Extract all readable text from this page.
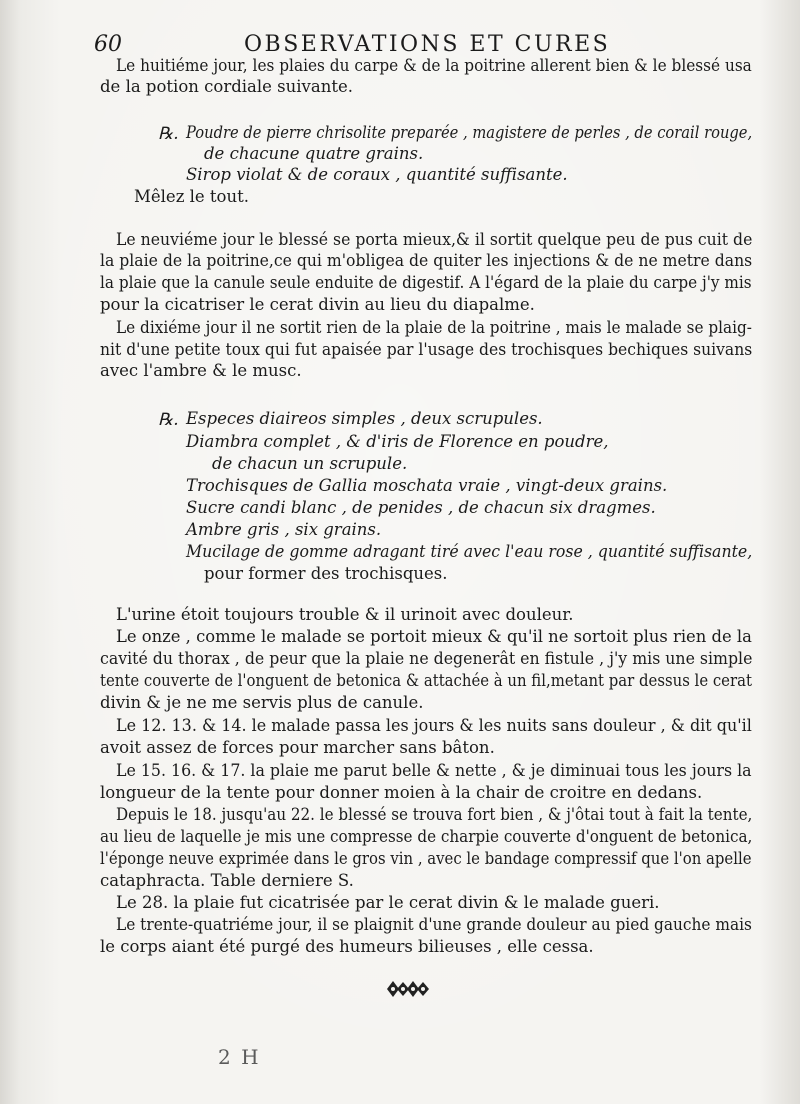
60	OBSERVATIONS ET CURES
Le huitiéme jour, les plaies du carpe & de la poitrine allerent bien & le blessé usa
de la potion cordiale suivante.
℞. Poudre de pierre chrisolite preparée , magistere de perles , de corail rouge,
de chacune quatre grains.
Sirop violat & de coraux , quantité suffisante.
Mêlez le tout.
Le neuviéme jour le blessé se porta mieux,& il sortit quelque peu de pus cuit de
la plaie de la poitrine,ce qui m'obligea de quiter les injections & de ne metre dans
la plaie que la canule seule enduite de digestif. A l'égard de la plaie du carpe j'y mis
pour la cicatriser le cerat divin au lieu du diapalme.
Le dixiéme jour il ne sortit rien de la plaie de la poitrine , mais le malade se plaig-
nit d'une petite toux qui fut apaisée par l'usage des trochisques bechiques suivans
avec l'ambre & le musc.
℞. Especes diaireos simples , deux scrupules.
Diambra complet , & d'iris de Florence en poudre,
de chacun un scrupule.
Trochisques de Gallia moschata vraie , vingt-deux grains.
Sucre candi blanc , de penides , de chacun six dragmes.
Ambre gris , six grains.
Mucilage de gomme adragant tiré avec l'eau rose , quantité suffisante,
pour former des trochisques.
L'urine étoit toujours trouble & il urinoit avec douleur.
Le onze , comme le malade se portoit mieux & qu'il ne sortoit plus rien de la
cavité du thorax , de peur que la plaie ne degenerât en fistule , j'y mis une simple
tente couverte de l'onguent de betonica & attachée à un fil,metant par dessus le cerat
divin & je ne me servis plus de canule.
Le 12. 13. & 14. le malade passa les jours & les nuits sans douleur , & dit qu'il
avoit assez de forces pour marcher sans bâton.
Le 15. 16. & 17. la plaie me parut belle & nette , & je diminuai tous les jours la
longueur de la tente pour donner moien à la chair de croitre en dedans.
Depuis le 18. jusqu'au 22. le blessé se trouva fort bien , & j'ôtai tout à fait la tente,
au lieu de laquelle je mis une compresse de charpie couverte d'onguent de betonica,
l'éponge neuve exprimée dans le gros vin , avec le bandage compressif que l'on apelle
cataphracta. Table derniere S.
Le 28. la plaie fut cicatrisée par le cerat divin & le malade gueri.
Le trente-quatriéme jour, il se plaignit d'une grande douleur au pied gauche mais
le corps aiant été purgé des humeurs bilieuses , elle cessa.
2 H
